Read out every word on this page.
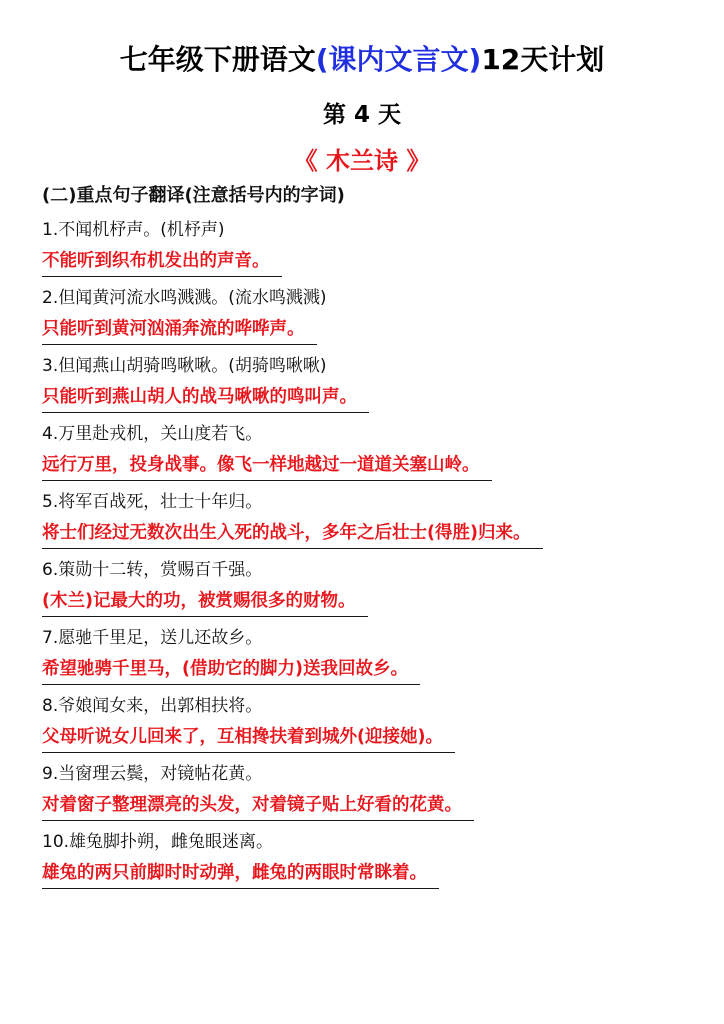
七年级下册语文(课内文言文)12天计划
第 4 天
《 木兰诗 》
(二)重点句子翻译(注意括号内的字词)
1.不闻机杼声。(机杼声)
不能听到织布机发出的声音。
2.但闻黄河流水鸣溅溅。(流水鸣溅溅)
只能听到黄河汹涌奔流的哗哗声。
3.但闻燕山胡骑鸣啾啾。(胡骑鸣啾啾)
只能听到燕山胡人的战马啾啾的鸣叫声。
4.万里赴戎机，关山度若飞。
远行万里，投身战事。像飞一样地越过一道道关塞山岭。
5.将军百战死，壮士十年归。
将士们经过无数次出生入死的战斗，多年之后壮士(得胜)归来。
6.策勋十二转，赏赐百千强。
(木兰)记最大的功，被赏赐很多的财物。
7.愿驰千里足，送儿还故乡。
希望驰骋千里马，(借助它的脚力)送我回故乡。
8.爷娘闻女来，出郭相扶将。
父母听说女儿回来了，互相搀扶着到城外(迎接她)。
9.当窗理云鬓，对镜帖花黄。
对着窗子整理漂亮的头发，对着镜子贴上好看的花黄。
10.雄兔脚扑朔，雌兔眼迷离。
雄兔的两只前脚时时动弹，雌兔的两眼时常眯着。
